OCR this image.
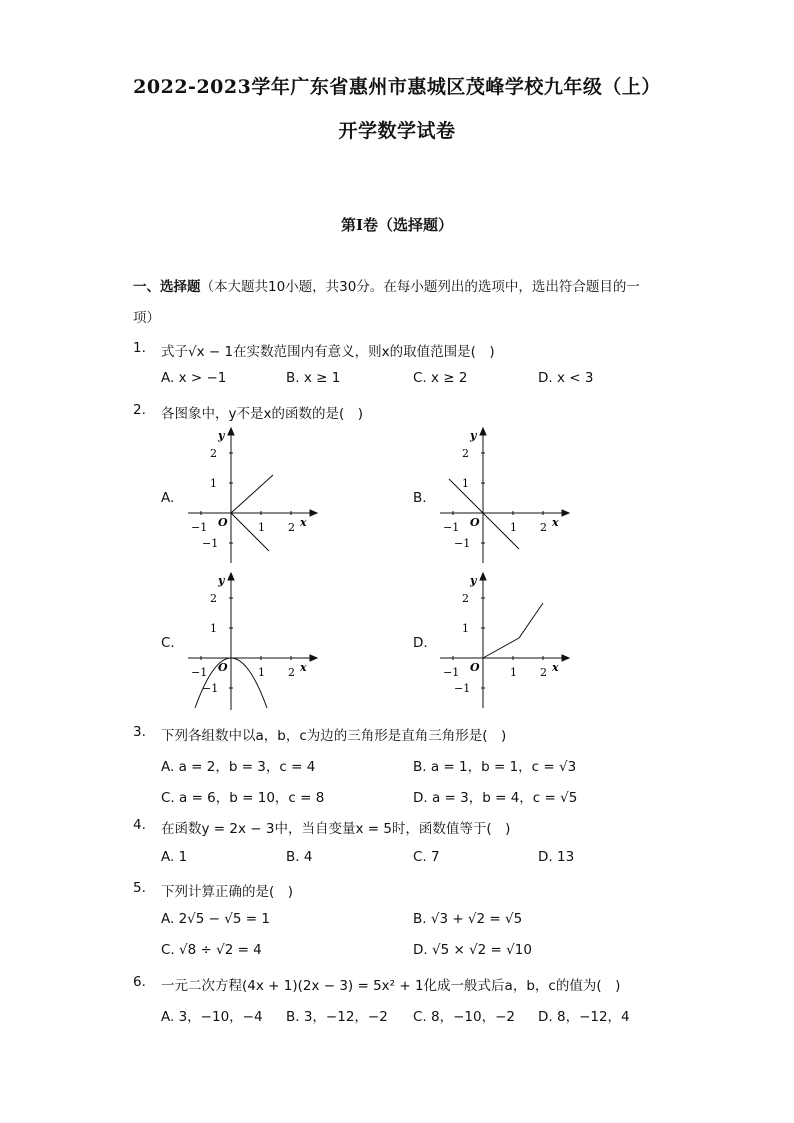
2022-2023学年广东省惠州市惠城区茂峰学校九年级（上）
开学数学试卷
第I卷（选择题）
一、选择题（本大题共10小题，共30分。在每小题列出的选项中，选出符合题目的一
项）
1. 式子√x − 1在实数范围内有意义，则x的取值范围是(　)
A. x > −1	B. x ≥ 1	C. x ≥ 2	D. x < 3
2. 各图象中，y不是x的函数的是(　)
A.	B.
C.	D.
−1 O	1 2
2
1
−1
x
y
−1 O	1 2
2
1
−1
x
y
−1 O	1 2
2
1
−1
x
y
−1 O	1 2
2
1
−1
x
y
3. 下列各组数中以a，b，c为边的三角形是直角三角形是(　)
A. a = 2，b = 3，c = 4	B. a = 1，b = 1，c = √3
C. a = 6，b = 10，c = 8	D. a = 3，b = 4，c = √5
4. 在函数y = 2x − 3中，当自变量x = 5时，函数值等于(　)
A. 1	B. 4	C. 7	D. 13
5. 下列计算正确的是(　)
A. 2√5 − √5 = 1	B. √3 + √2 = √5
C. √8 ÷ √2 = 4	D. √5 × √2 = √10
6. 一元二次方程(4x + 1)(2x − 3) = 5x² + 1化成一般式后a，b，c的值为(　)
A. 3，−10，−4 B. 3，−12，−2 C. 8，−10，−2 D. 8，−12，4
